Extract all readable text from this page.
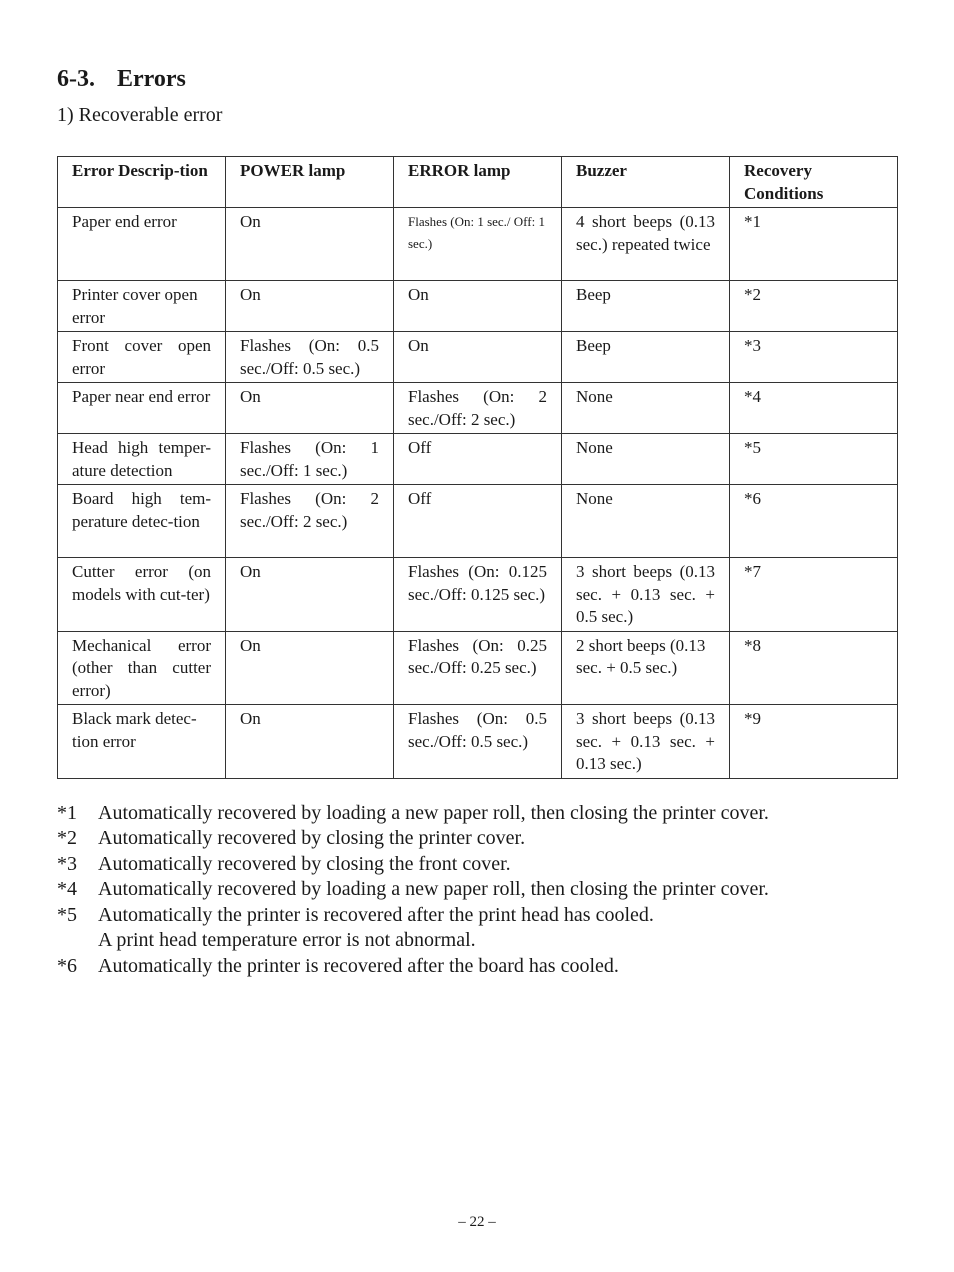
6-3. Errors
1) Recoverable error
Error Descrip-tion	POWER lamp	ERROR lamp	Buzzer	Recovery Conditions
Paper end error	On	Flashes (On: 1 sec./ Off: 1 sec.)	4 short beeps (0.13 sec.) repeated twice	*1
Printer cover open error	On	On	Beep	*2
Front cover open error	Flashes (On: 0.5 sec./Off: 0.5 sec.)	On	Beep	*3
Paper near end error	On	Flashes (On: 2 sec./Off: 2 sec.)	None	*4
Head high temper-ature detection	Flashes (On: 1 sec./Off: 1 sec.)	Off	None	*5
Board high tem-perature detec-tion	Flashes (On: 2 sec./Off: 2 sec.)	Off	None	*6
Cutter error (on models with cut-ter)	On	Flashes (On: 0.125 sec./Off: 0.125 sec.)	3 short beeps (0.13 sec. + 0.13 sec. + 0.5 sec.)	*7
Mechanical error (other than cutter error)	On	Flashes (On: 0.25 sec./Off: 0.25 sec.)	2 short beeps (0.13 sec. + 0.5 sec.)	*8
Black mark detec-tion error	On	Flashes (On: 0.5 sec./Off: 0.5 sec.)	3 short beeps (0.13 sec. + 0.13 sec. + 0.13 sec.)	*9
*1	Automatically recovered by loading a new paper roll, then closing the printer cover.
*2	Automatically recovered by closing the printer cover.
*3	Automatically recovered by closing the front cover.
*4	Automatically recovered by loading a new paper roll, then closing the printer cover.
*5	Automatically the printer is recovered after the print head has cooled.
A print head temperature error is not abnormal.
*6	Automatically the printer is recovered after the board has cooled.
– 22 –
